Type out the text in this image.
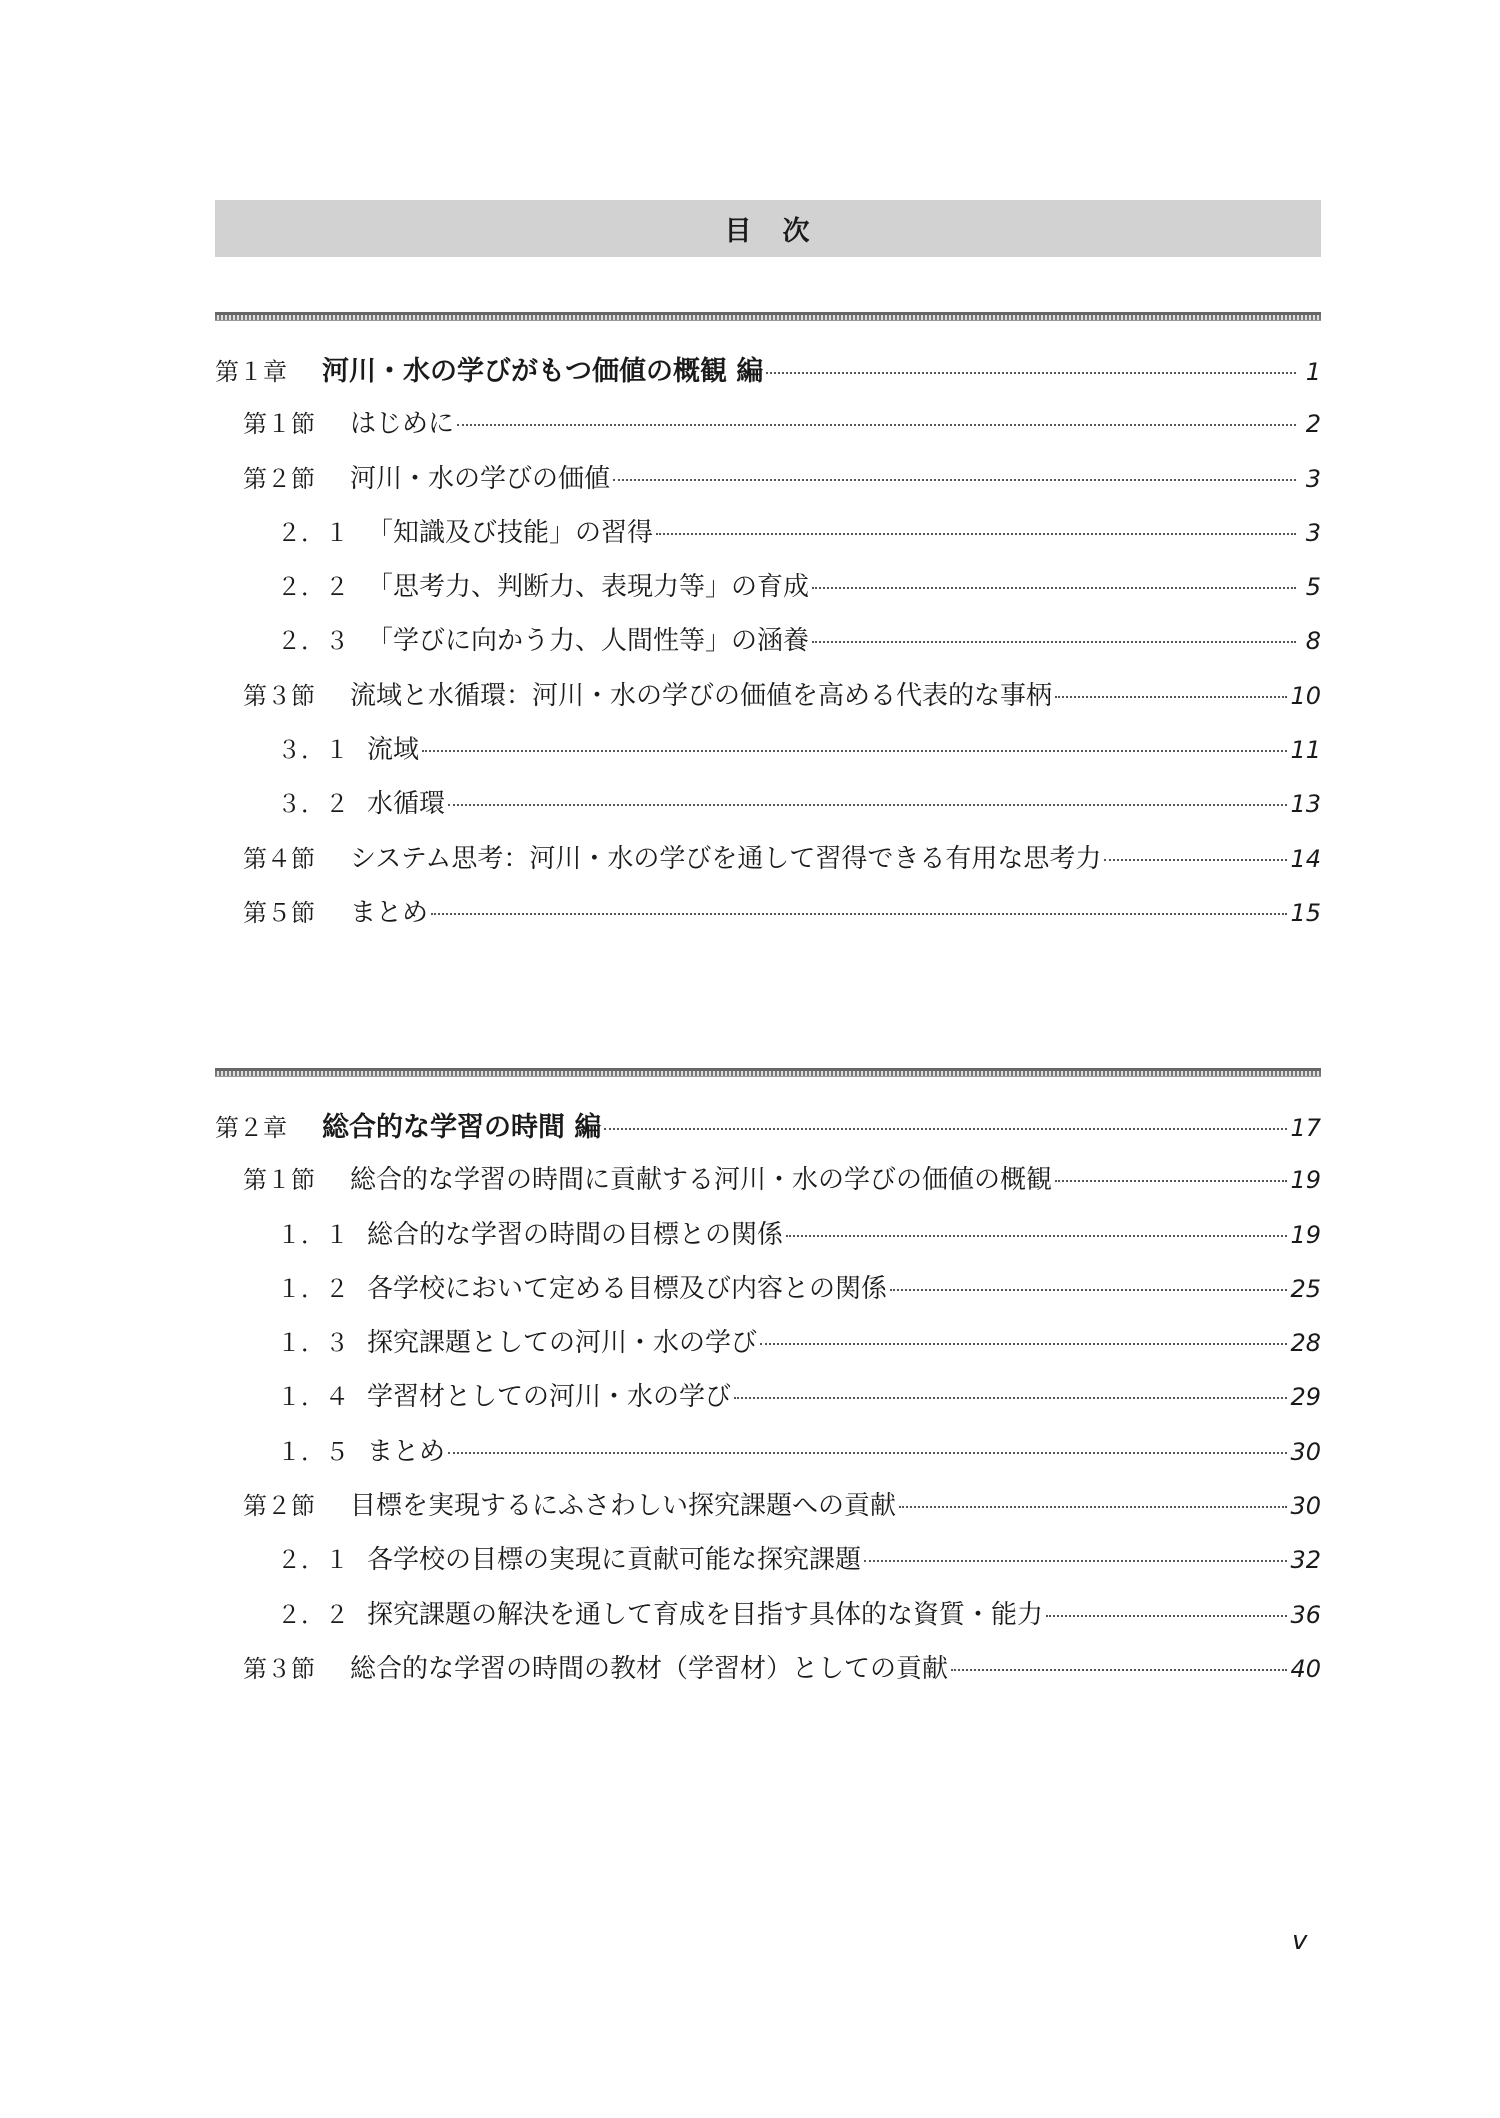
目　次
第１章	河川・水の学びがもつ価値の概観 編	1
第１節	はじめに	2
第２節	河川・水の学びの価値	3
２．１ 「知識及び技能」の習得	3
２．２ 「思考力、判断力、表現力等」の育成	5
２．３ 「学びに向かう力、人間性等」の涵養	8
第３節	流域と水循環：河川・水の学びの価値を高める代表的な事柄	10
３．１ 流域	11
３．２ 水循環	13
第４節	システム思考：河川・水の学びを通して習得できる有用な思考力	14
第５節	まとめ	15
第２章	総合的な学習の時間 編	17
第１節	総合的な学習の時間に貢献する河川・水の学びの価値の概観	19
１．１ 総合的な学習の時間の目標との関係	19
１．２ 各学校において定める目標及び内容との関係	25
１．３ 探究課題としての河川・水の学び	28
１．４ 学習材としての河川・水の学び	29
１．５ まとめ	30
第２節	目標を実現するにふさわしい探究課題への貢献	30
２．１ 各学校の目標の実現に貢献可能な探究課題	32
２．２ 探究課題の解決を通して育成を目指す具体的な資質・能力	36
第３節	総合的な学習の時間の教材（学習材）としての貢献	40
v
